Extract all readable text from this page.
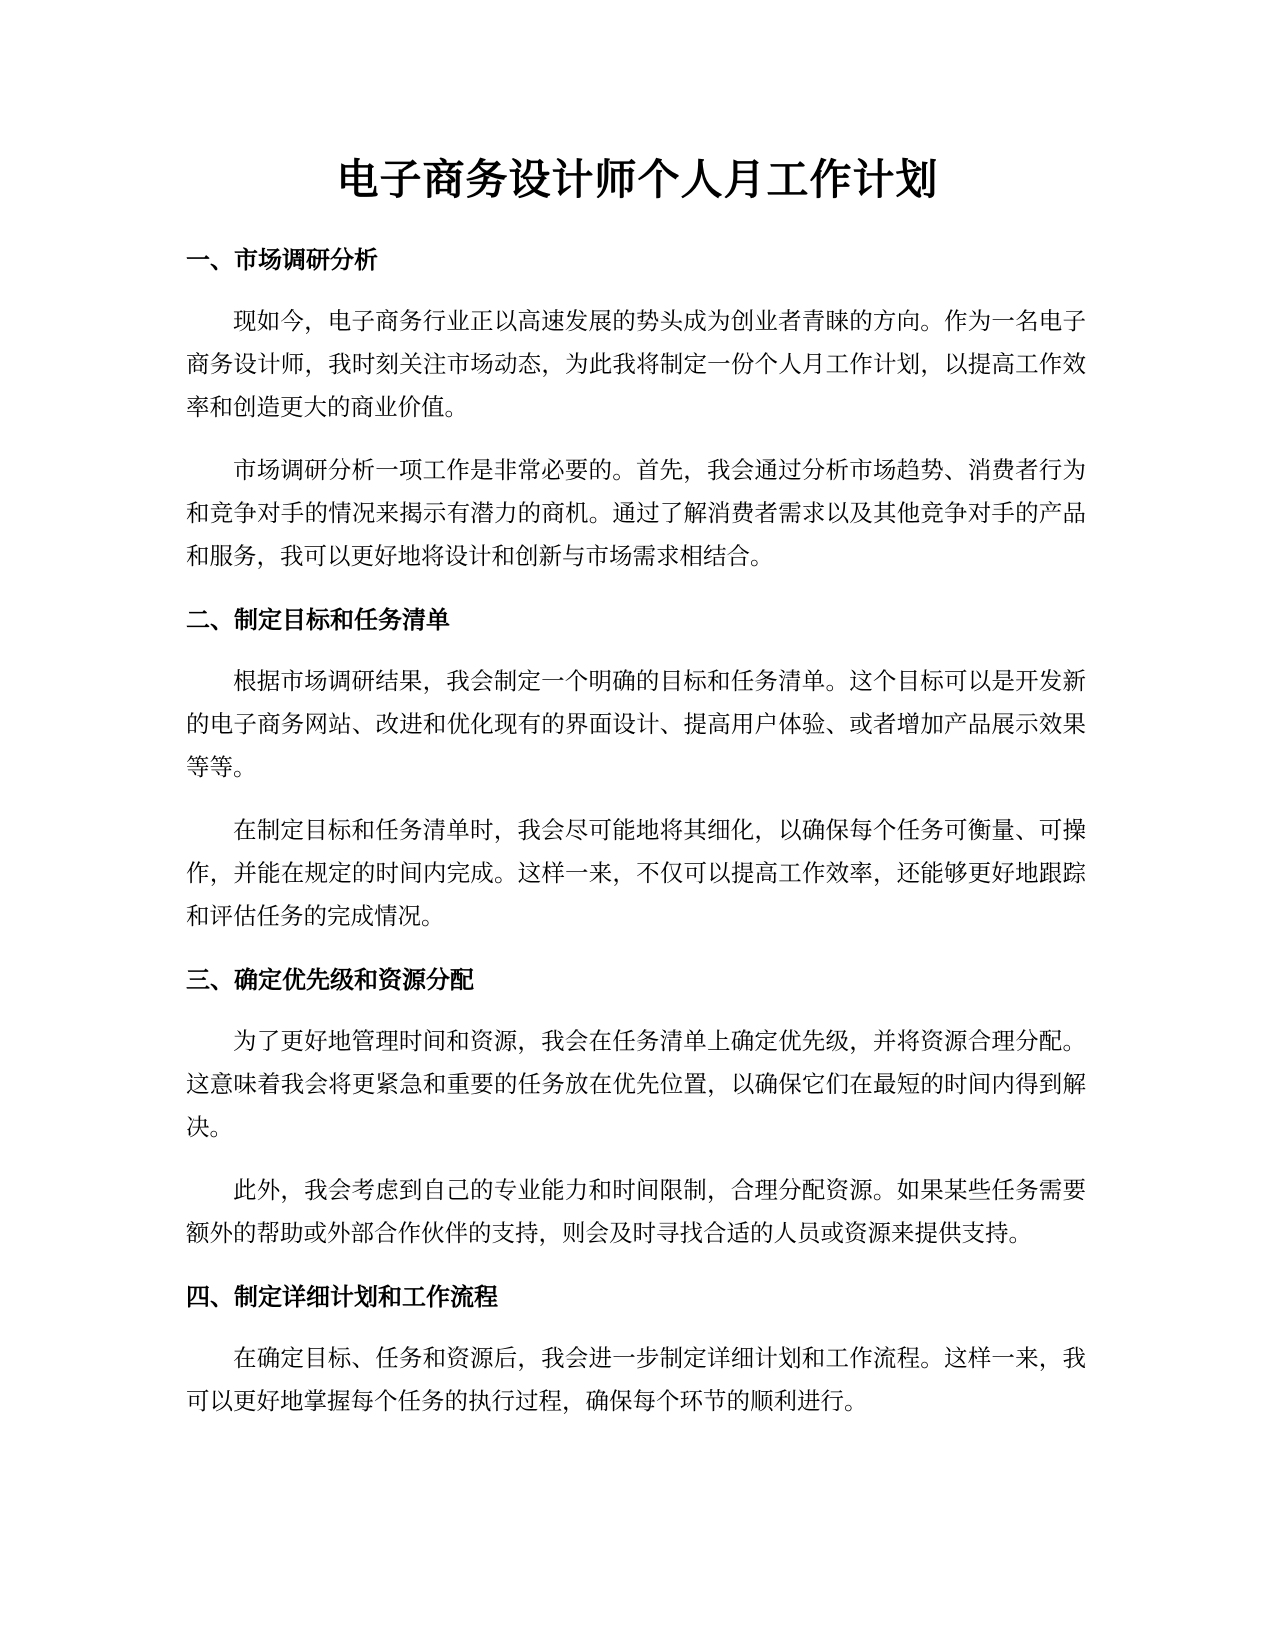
电子商务设计师个人月工作计划
一、市场调研分析

现如今，电子商务行业正以高速发展的势头成为创业者青睐的方向。作为一名电子商务设计师，我时刻关注市场动态，为此我将制定一份个人月工作计划，以提高工作效率和创造更大的商业价值。

市场调研分析一项工作是非常必要的。首先，我会通过分析市场趋势、消费者行为和竞争对手的情况来揭示有潜力的商机。通过了解消费者需求以及其他竞争对手的产品和服务，我可以更好地将设计和创新与市场需求相结合。

二、制定目标和任务清单

根据市场调研结果，我会制定一个明确的目标和任务清单。这个目标可以是开发新的电子商务网站、改进和优化现有的界面设计、提高用户体验、或者增加产品展示效果等等。

在制定目标和任务清单时，我会尽可能地将其细化，以确保每个任务可衡量、可操作，并能在规定的时间内完成。这样一来，不仅可以提高工作效率，还能够更好地跟踪和评估任务的完成情况。

三、确定优先级和资源分配

为了更好地管理时间和资源，我会在任务清单上确定优先级，并将资源合理分配。这意味着我会将更紧急和重要的任务放在优先位置，以确保它们在最短的时间内得到解决。

此外，我会考虑到自己的专业能力和时间限制，合理分配资源。如果某些任务需要额外的帮助或外部合作伙伴的支持，则会及时寻找合适的人员或资源来提供支持。

四、制定详细计划和工作流程

在确定目标、任务和资源后，我会进一步制定详细计划和工作流程。这样一来，我可以更好地掌握每个任务的执行过程，确保每个环节的顺利进行。
